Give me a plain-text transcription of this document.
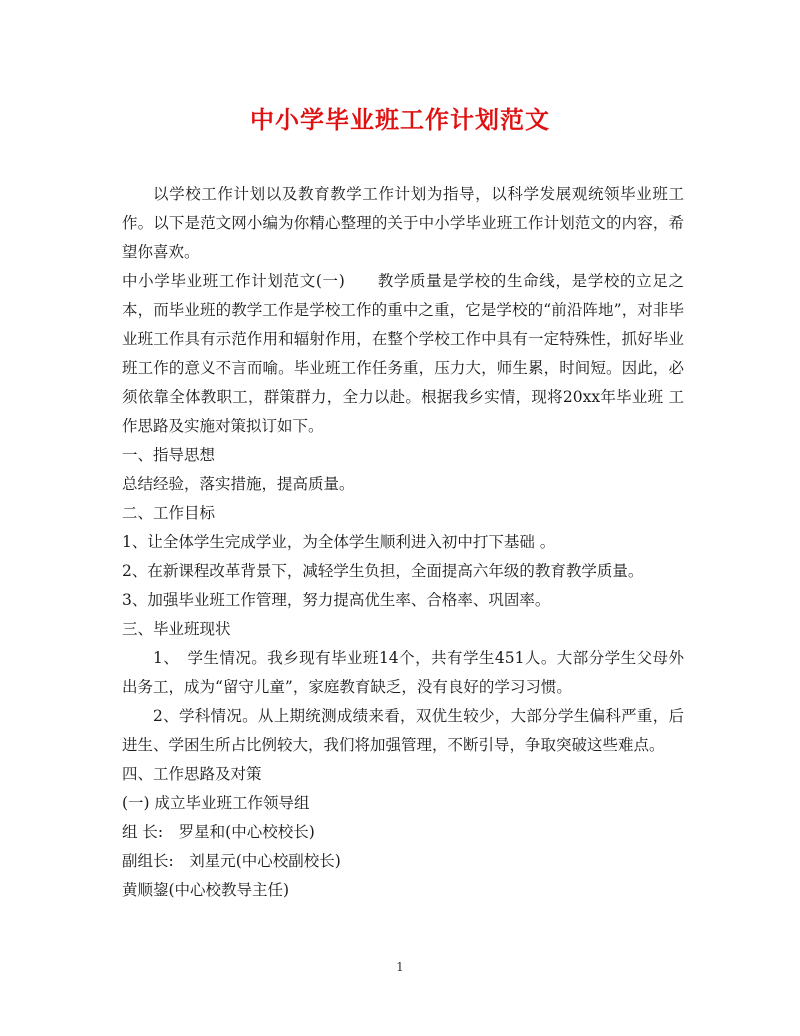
中小学毕业班工作计划范文

以学校工作计划以及教育教学工作计划为指导，以科学发展观统领毕业班工作。以下是范文网小编为你精心整理的关于中小学毕业班工作计划范文的内容，希望你喜欢。

中小学毕业班工作计划范文(一)　　教学质量是学校的生命线，是学校的立足之本，而毕业班的教学工作是学校工作的重中之重，它是学校的“前沿阵地”，对非毕业班工作具有示范作用和辐射作用，在整个学校工作中具有一定特殊性，抓好毕业班工作的意义不言而喻。毕业班工作任务重，压力大，师生累，时间短。因此，必须依靠全体教职工，群策群力，全力以赴。根据我乡实情，现将20xx年毕业班 工作思路及实施对策拟订如下。

一、指导思想

总结经验，落实措施，提高质量。

二、工作目标

1、让全体学生完成学业，为全体学生顺利进入初中打下基础 。

2、在新课程改革背景下，减轻学生负担，全面提高六年级的教育教学质量。

3、加强毕业班工作管理，努力提高优生率、合格率、巩固率。

三、毕业班现状

1、　学生情况。我乡现有毕业班14个，共有学生451人。大部分学生父母外出务工，成为“留守儿童”，家庭教育缺乏，没有良好的学习习惯。

2、学科情况。从上期统测成绩来看，双优生较少，大部分学生偏科严重，后进生、学困生所占比例较大，我们将加强管理，不断引导，争取突破这些难点。

四、工作思路及对策

(一) 成立毕业班工作领导组

组 长:　罗星和(中心校校长)

副组长:　刘星元(中心校副校长)

黄顺鋆(中心校教导主任)

1
